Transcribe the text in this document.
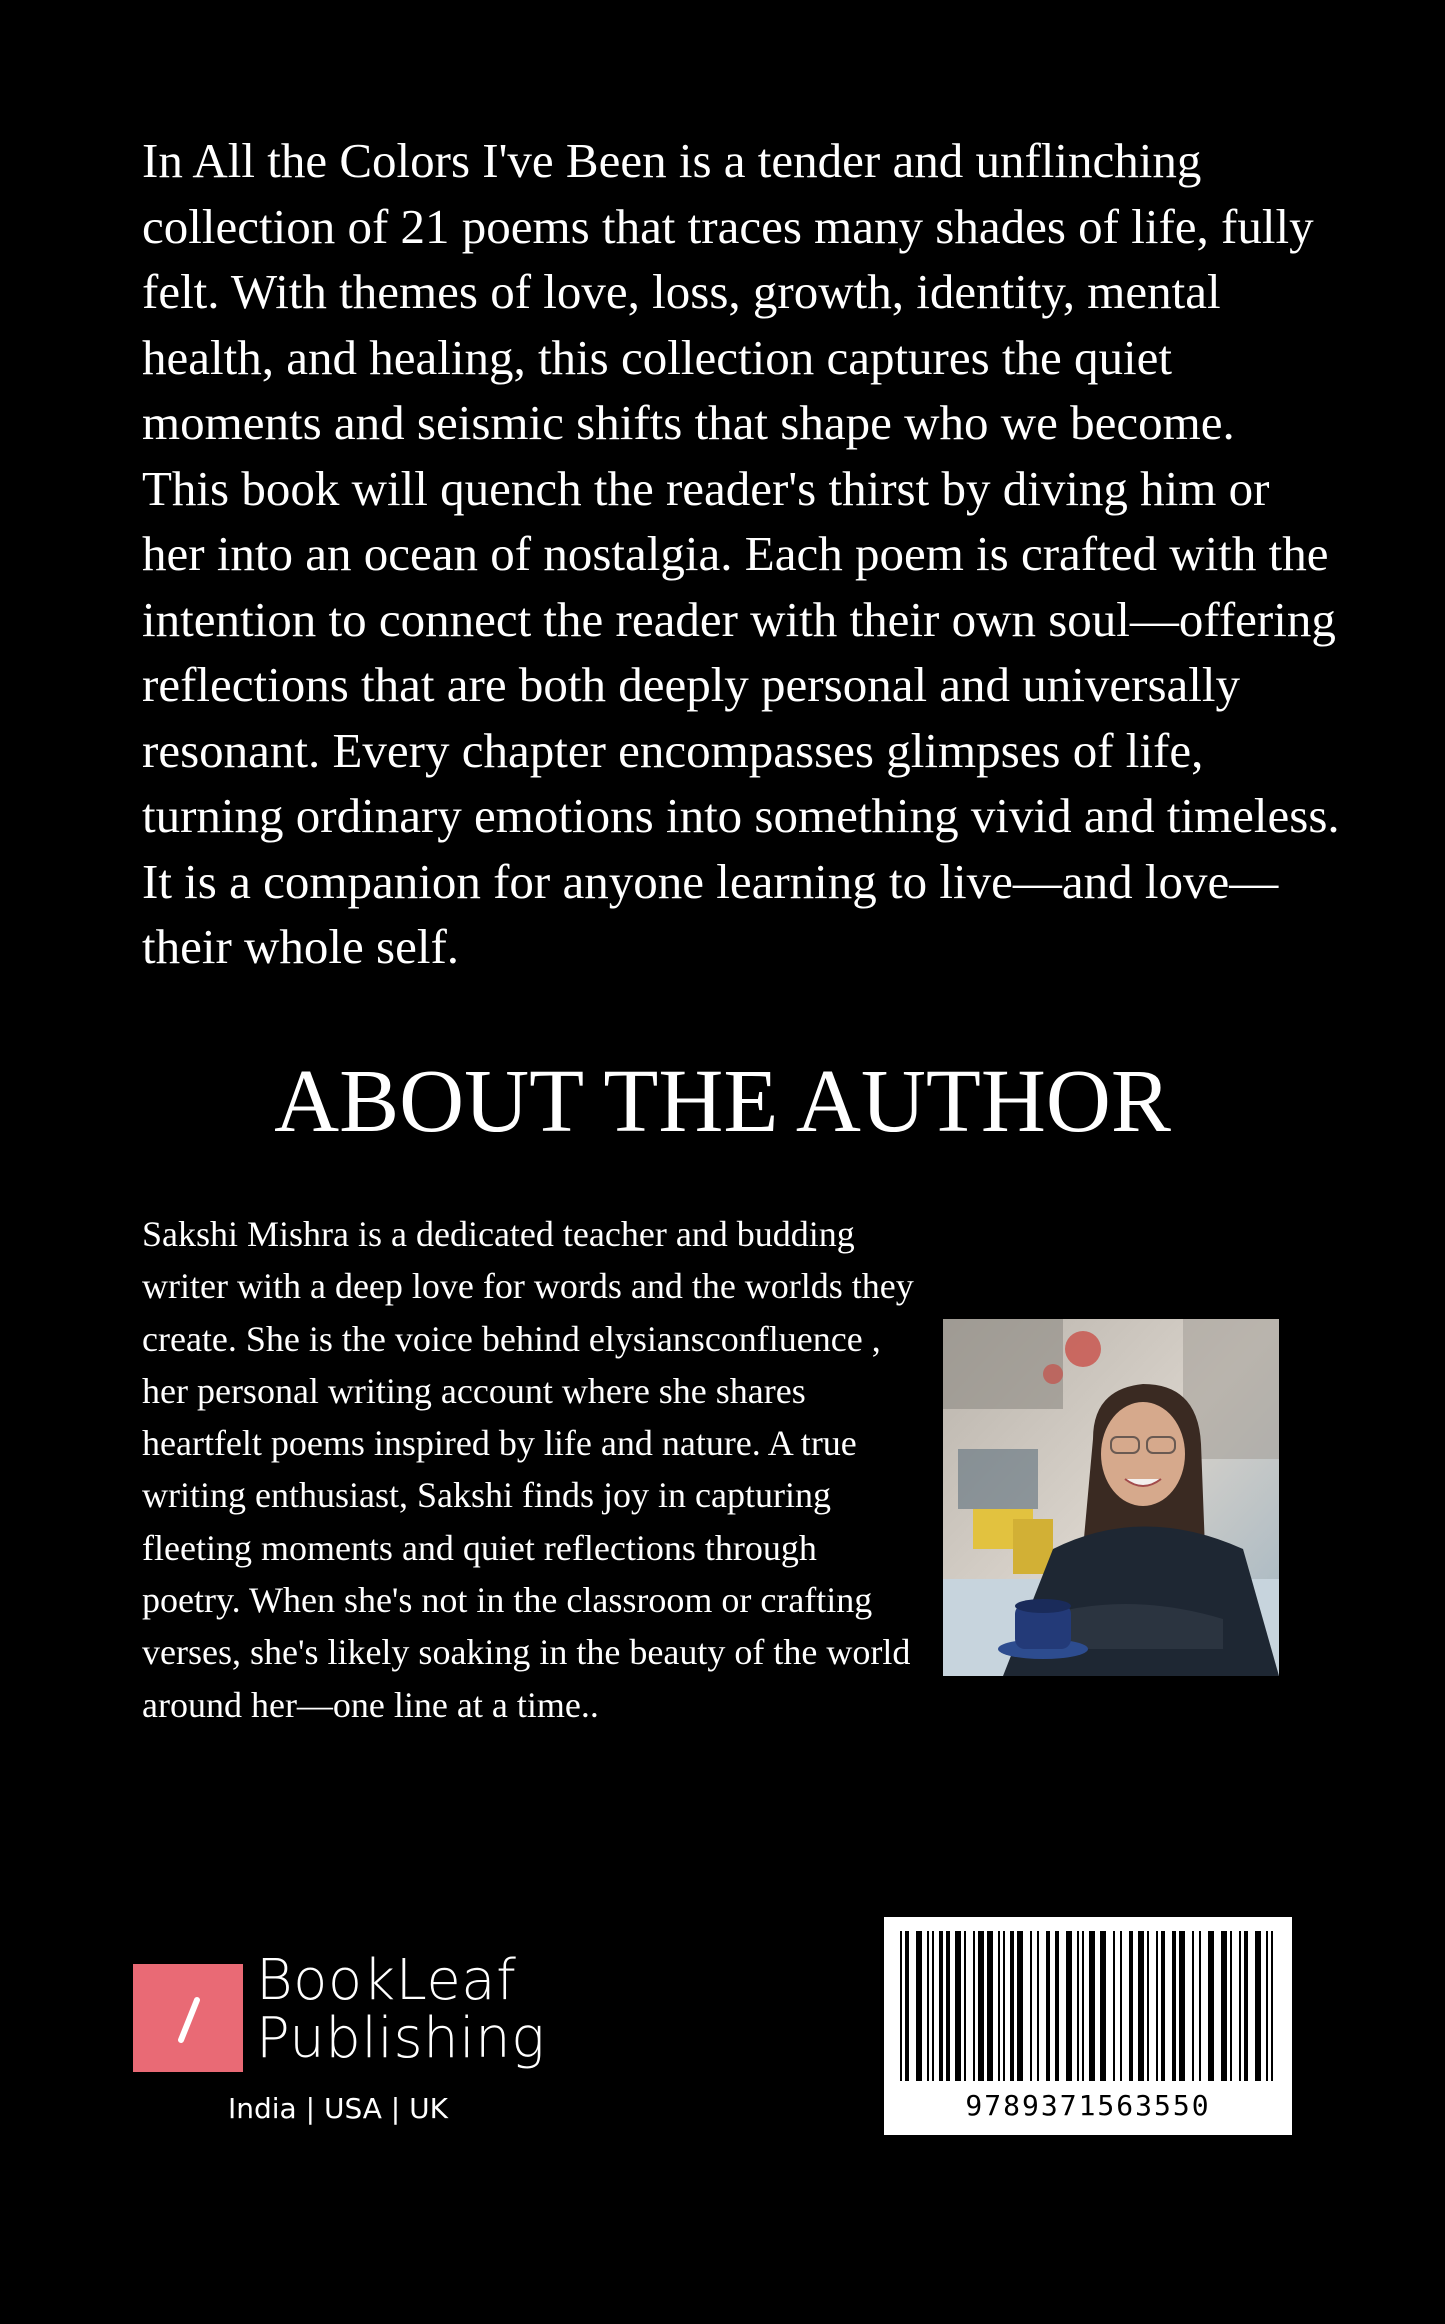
In All the Colors I've Been is a tender and unflinching collection of 21 poems that traces many shades of life, fully felt. With themes of love, loss, growth, identity, mental health, and healing, this collection captures the quiet moments and seismic shifts that shape who we become.

This book will quench the reader's thirst by diving him or her into an ocean of nostalgia. Each poem is crafted with the intention to connect the reader with their own soul—offering reflections that are both deeply personal and universally resonant. Every chapter encompasses glimpses of life, turning ordinary emotions into something vivid and timeless. It is a companion for anyone learning to live—and love—their whole self.

ABOUT THE AUTHOR

Sakshi Mishra is a dedicated teacher and budding writer with a deep love for words and the worlds they create. She is the voice behind elysiansconfluence , her personal writing account where she shares heartfelt poems inspired by life and nature. A true writing enthusiast, Sakshi finds joy in capturing fleeting moments and quiet reflections through poetry. When she's not in the classroom or crafting verses, she's likely soaking in the beauty of the world around her—one line at a time..

BookLeaf
Publishing
India | USA | UK	9789371563550
